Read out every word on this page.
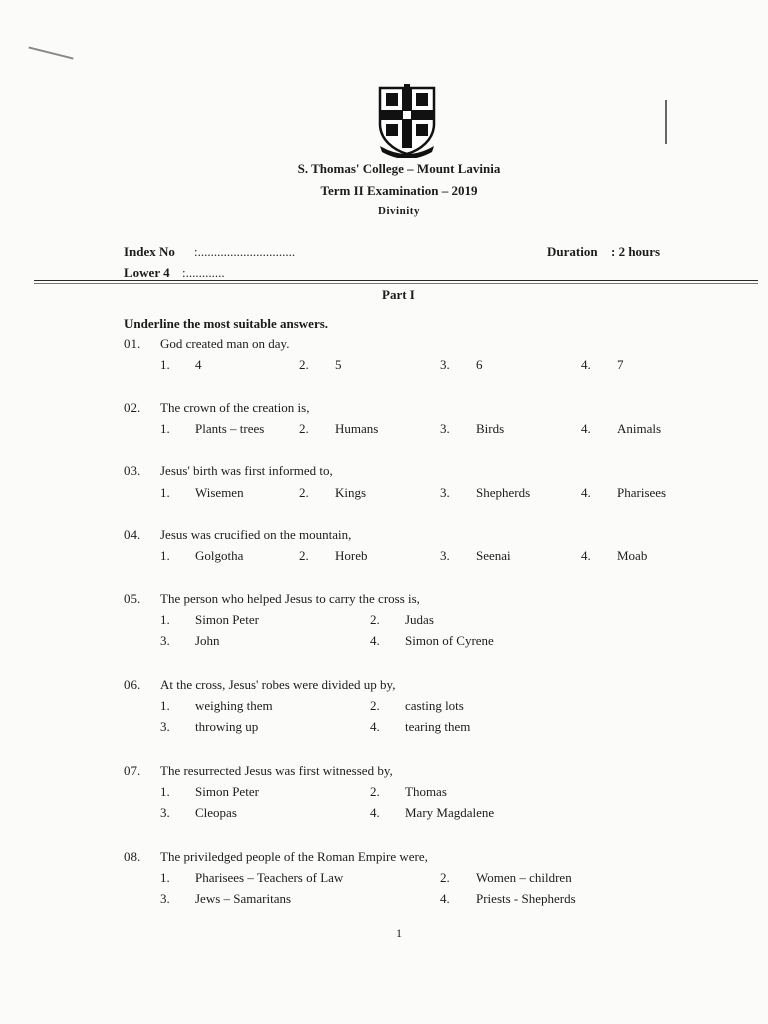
S. Thomas' College – Mount Lavinia
Term II Examination – 2019
Divinity
Index No :..............................
Lower 4 :............
Duration : 2 hours
Part I
Underline the most suitable answers.
01. God created man on day.
1. 4	2. 5	3. 6	4. 7
02. The crown of the creation is,
1. Plants – trees	2. Humans	3. Birds	4. Animals
03. Jesus' birth was first informed to,
1. Wisemen	2. Kings	3. Shepherds	4. Pharisees
04. Jesus was crucified on the mountain,
1. Golgotha	2. Horeb	3. Seenai	4. Moab
05. The person who helped Jesus to carry the cross is,
1. Simon Peter	2. Judas
3. John	4. Simon of Cyrene
06. At the cross, Jesus' robes were divided up by,
1. weighing them	2. casting lots
3. throwing up	4. tearing them
07. The resurrected Jesus was first witnessed by,
1. Simon Peter	2. Thomas
3. Cleopas	4. Mary Magdalene
08. The priviledged people of the Roman Empire were,
1. Pharisees – Teachers of Law	2. Women – children
3. Jews – Samaritans	4. Priests - Shepherds
1
